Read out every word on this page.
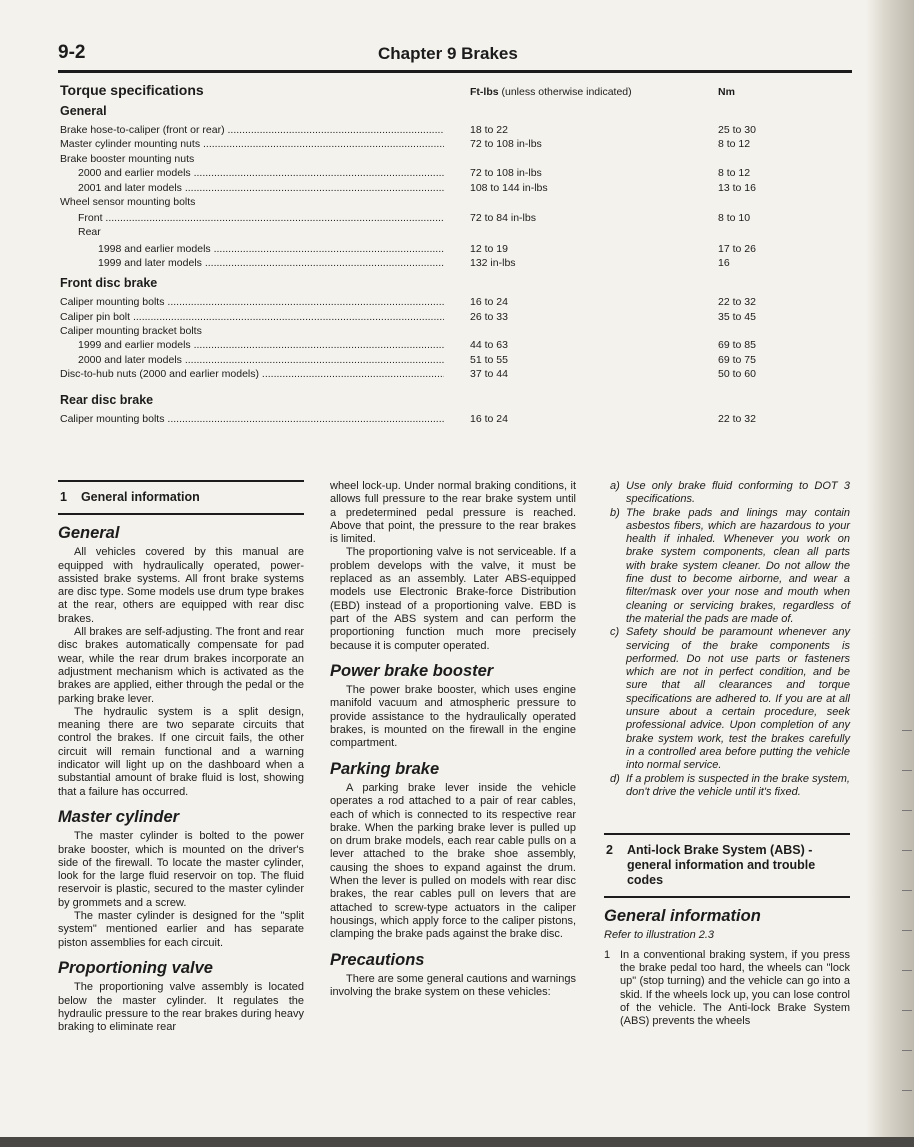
9-2	Chapter 9 Brakes
Torque specifications	Ft-lbs (unless otherwise indicated)	Nm
General
Brake hose-to-caliper (front or rear) .....	18 to 22	25 to 30
Master cylinder mounting nuts .....	72 to 108 in-lbs	8 to 12
Brake booster mounting nuts
2000 and earlier models .....	72 to 108 in-lbs	8 to 12
2001 and later models .....	108 to 144 in-lbs	13 to 16
Wheel sensor mounting bolts
Front .....	72 to 84 in-lbs	8 to 10
Rear
1998 and earlier models .....	12 to 19	17 to 26
1999 and later models .....	132 in-lbs	16
Front disc brake
Caliper mounting bolts .....	16 to 24	22 to 32
Caliper pin bolt .....	26 to 33	35 to 45
Caliper mounting bracket bolts
1999 and earlier models .....	44 to 63	69 to 85
2000 and later models .....	51 to 55	69 to 75
Disc-to-hub nuts (2000 and earlier models) .....	37 to 44	50 to 60
Rear disc brake
Caliper mounting bolts .....	16 to 24	22 to 32
1 General information
General

All vehicles covered by this manual are equipped with hydraulically operated, power-assisted brake systems. All front brake systems are disc type. Some models use drum type brakes at the rear, others are equipped with rear disc brakes.

All brakes are self-adjusting. The front and rear disc brakes automatically compensate for pad wear, while the rear drum brakes incorporate an adjustment mechanism which is activated as the brakes are applied, either through the pedal or the parking brake lever.

The hydraulic system is a split design, meaning there are two separate circuits that control the brakes. If one circuit fails, the other circuit will remain functional and a warning indicator will light up on the dashboard when a substantial amount of brake fluid is lost, showing that a failure has occurred.

Master cylinder

The master cylinder is bolted to the power brake booster, which is mounted on the driver's side of the firewall. To locate the master cylinder, look for the large fluid reservoir on top. The fluid reservoir is plastic, secured to the master cylinder by grommets and a screw.

The master cylinder is designed for the "split system" mentioned earlier and has separate piston assemblies for each circuit.

Proportioning valve

The proportioning valve assembly is located below the master cylinder. It regulates the hydraulic pressure to the rear brakes during heavy braking to eliminate rear

wheel lock-up. Under normal braking conditions, it allows full pressure to the rear brake system until a predetermined pedal pressure is reached. Above that point, the pressure to the rear brakes is limited.

The proportioning valve is not serviceable. If a problem develops with the valve, it must be replaced as an assembly. Later ABS-equipped models use Electronic Brake-force Distribution (EBD) instead of a proportioning valve. EBD is part of the ABS system and can perform the proportioning function much more precisely because it is computer operated.

Power brake booster

The power brake booster, which uses engine manifold vacuum and atmospheric pressure to provide assistance to the hydraulically operated brakes, is mounted on the firewall in the engine compartment.

Parking brake

A parking brake lever inside the vehicle operates a rod attached to a pair of rear cables, each of which is connected to its respective rear brake. When the parking brake lever is pulled up on drum brake models, each rear cable pulls on a lever attached to the brake shoe assembly, causing the shoes to expand against the drum. When the lever is pulled on models with rear disc brakes, the rear cables pull on levers that are attached to screw-type actuators in the caliper housings, which apply force to the caliper pistons, clamping the brake pads against the brake disc.

Precautions

There are some general cautions and warnings involving the brake system on these vehicles:

a) Use only brake fluid conforming to DOT 3 specifications.
b) The brake pads and linings may contain asbestos fibers, which are hazardous to your health if inhaled. Whenever you work on brake system components, clean all parts with brake system cleaner. Do not allow the fine dust to become airborne, and wear a filter/mask over your nose and mouth when cleaning or servicing brakes, regardless of the material the pads are made of.
c) Safety should be paramount whenever any servicing of the brake components is performed. Do not use parts or fasteners which are not in perfect condition, and be sure that all clearances and torque specifications are adhered to. If you are at all unsure about a certain procedure, seek professional advice. Upon completion of any brake system work, test the brakes carefully in a controlled area before putting the vehicle into normal service.
d) If a problem is suspected in the brake system, don't drive the vehicle until it's fixed.
2 Anti-lock Brake System (ABS) - general information and trouble codes
General information
Refer to illustration 2.3
1 In a conventional braking system, if you press the brake pedal too hard, the wheels can "lock up" (stop turning) and the vehicle can go into a skid. If the wheels lock up, you can lose control of the vehicle. The Anti-lock Brake System (ABS) prevents the wheels
